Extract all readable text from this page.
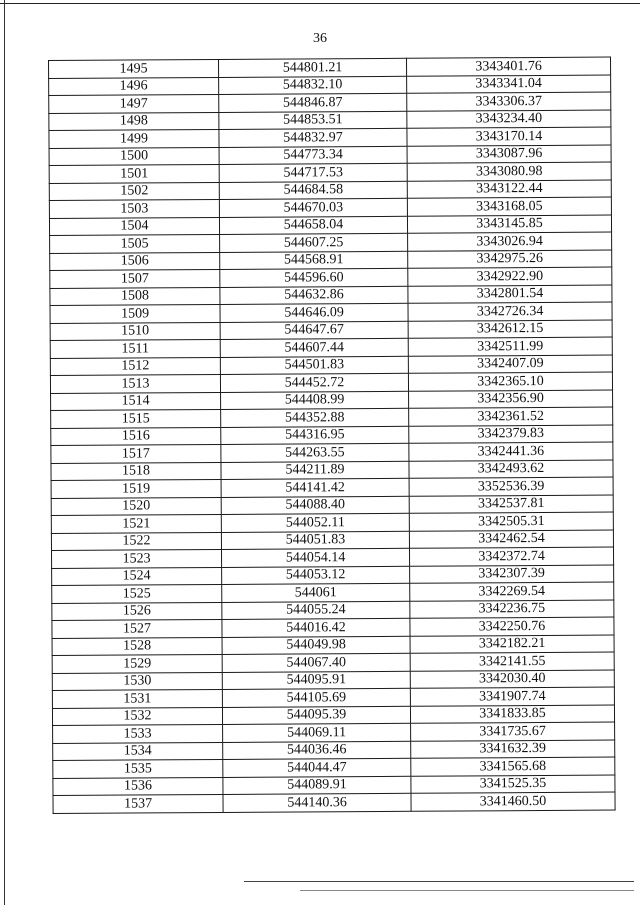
36
1495	544801.21	3343401.76
1496	544832.10	3343341.04
1497	544846.87	3343306.37
1498	544853.51	3343234.40
1499	544832.97	3343170.14
1500	544773.34	3343087.96
1501	544717.53	3343080.98
1502	544684.58	3343122.44
1503	544670.03	3343168.05
1504	544658.04	3343145.85
1505	544607.25	3343026.94
1506	544568.91	3342975.26
1507	544596.60	3342922.90
1508	544632.86	3342801.54
1509	544646.09	3342726.34
1510	544647.67	3342612.15
1511	544607.44	3342511.99
1512	544501.83	3342407.09
1513	544452.72	3342365.10
1514	544408.99	3342356.90
1515	544352.88	3342361.52
1516	544316.95	3342379.83
1517	544263.55	3342441.36
1518	544211.89	3342493.62
1519	544141.42	3352536.39
1520	544088.40	3342537.81
1521	544052.11	3342505.31
1522	544051.83	3342462.54
1523	544054.14	3342372.74
1524	544053.12	3342307.39
1525	544061	3342269.54
1526	544055.24	3342236.75
1527	544016.42	3342250.76
1528	544049.98	3342182.21
1529	544067.40	3342141.55
1530	544095.91	3342030.40
1531	544105.69	3341907.74
1532	544095.39	3341833.85
1533	544069.11	3341735.67
1534	544036.46	3341632.39
1535	544044.47	3341565.68
1536	544089.91	3341525.35
1537	544140.36	3341460.50
